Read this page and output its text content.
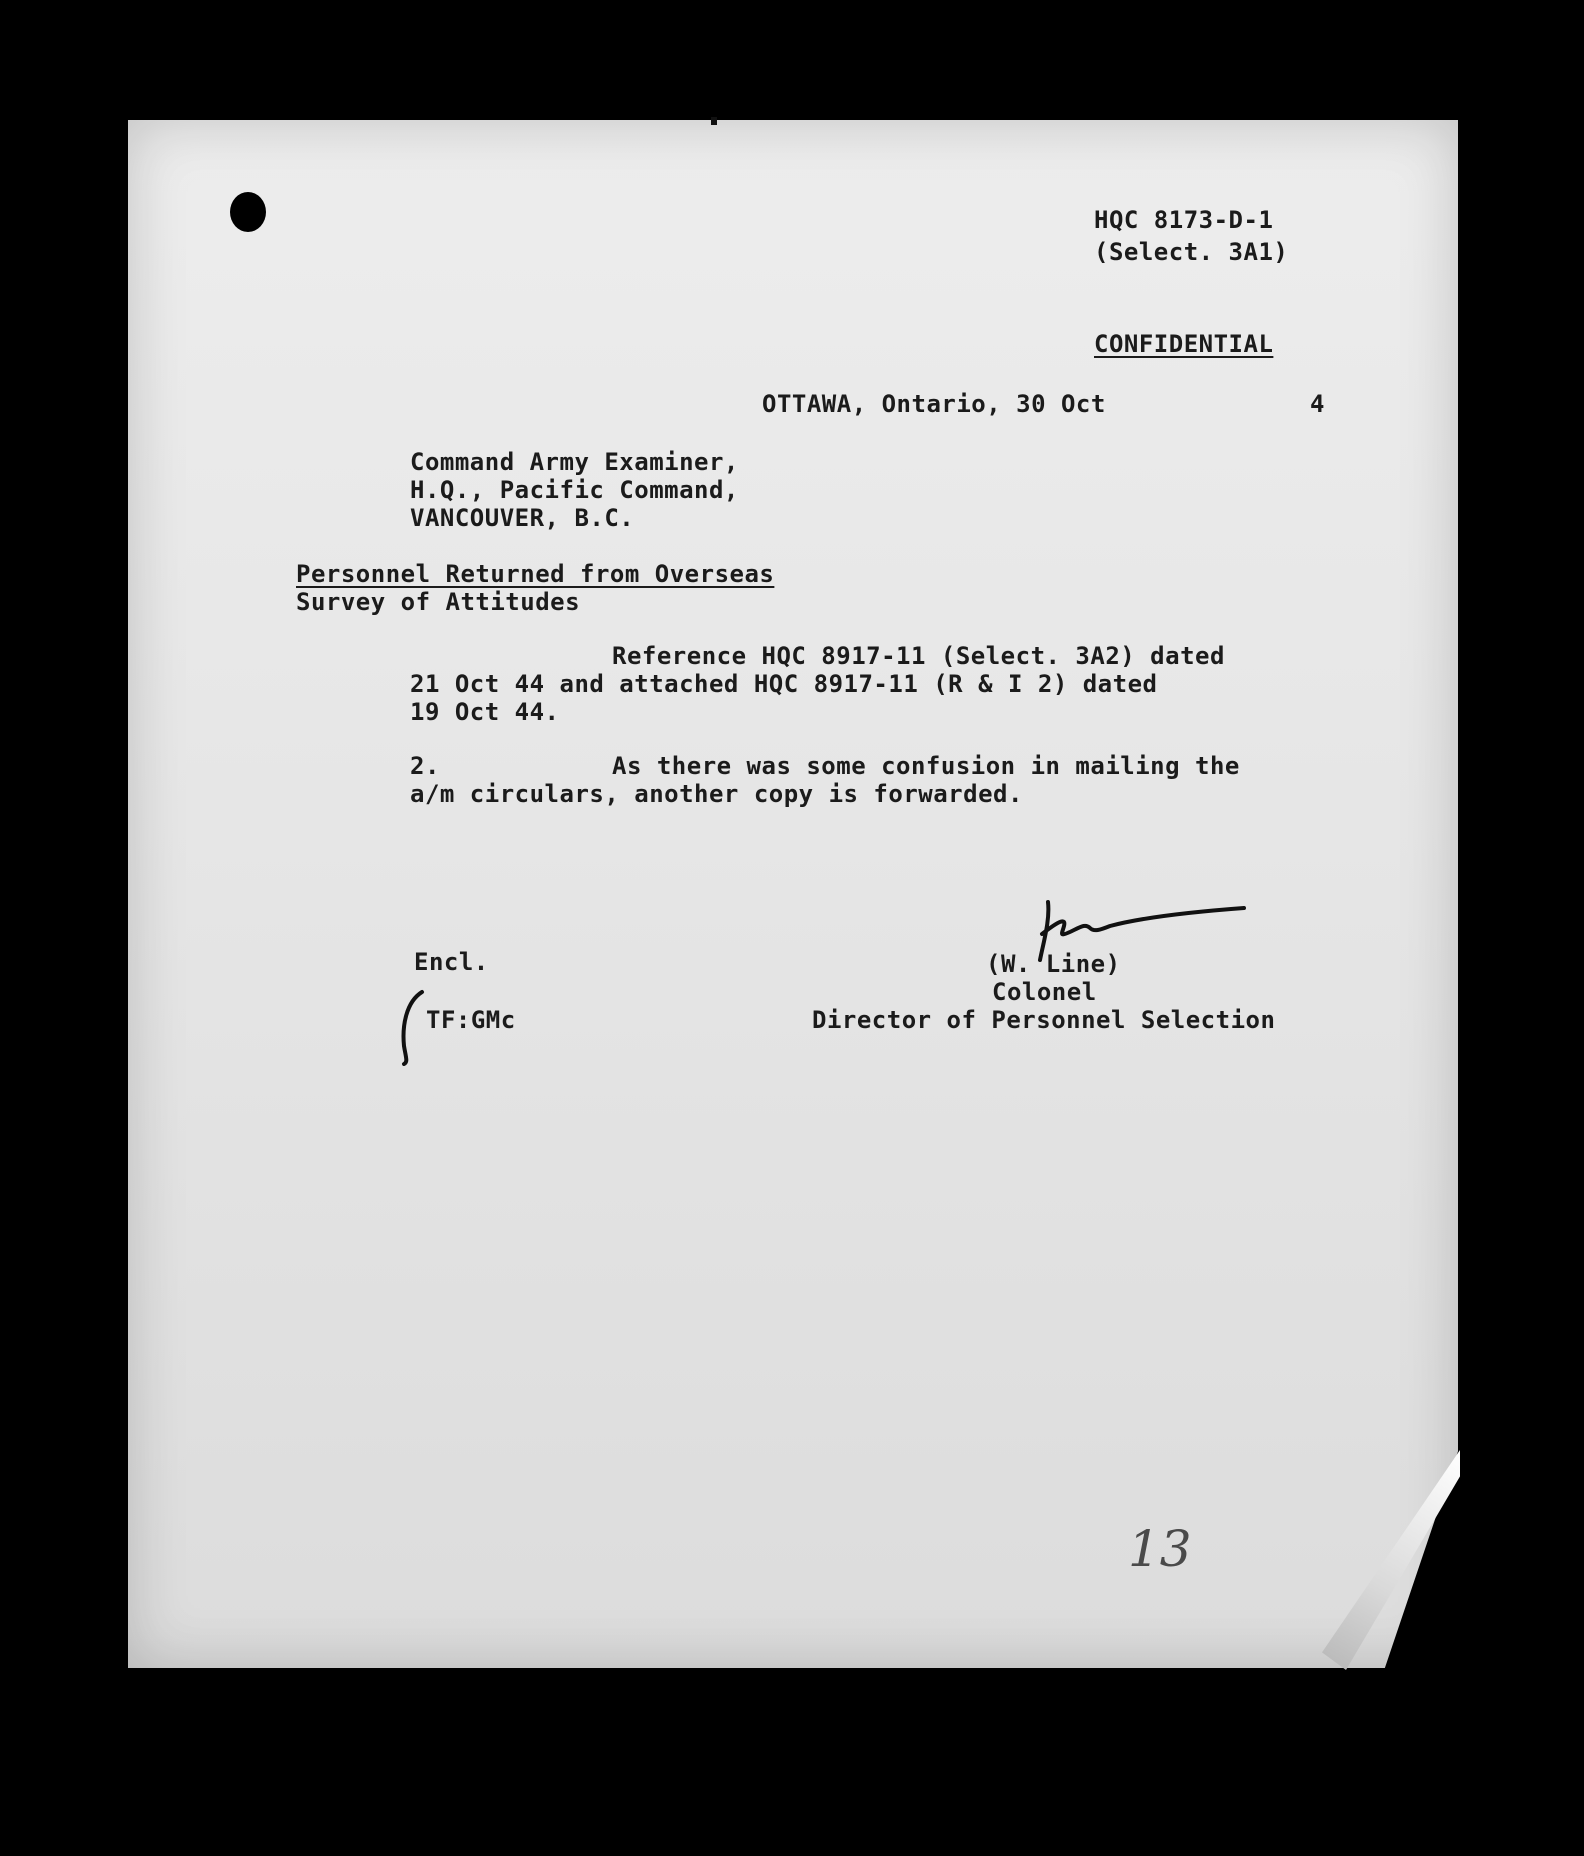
HQC 8173-D-1
(Select. 3A1)
CONFIDENTIAL
OTTAWA, Ontario, 30 Oct	4
Command Army Examiner,
H.Q., Pacific Command,
VANCOUVER, B.C.
Personnel Returned from Overseas
Survey of Attitudes
Reference HQC 8917-11 (Select. 3A2) dated
21 Oct 44 and attached HQC 8917-11 (R & I 2) dated
19 Oct 44.
2.	As there was some confusion in mailing the
a/m circulars, another copy is forwarded.
Encl.
TF:GMc
(W. Line)
Colonel
Director of Personnel Selection
13
